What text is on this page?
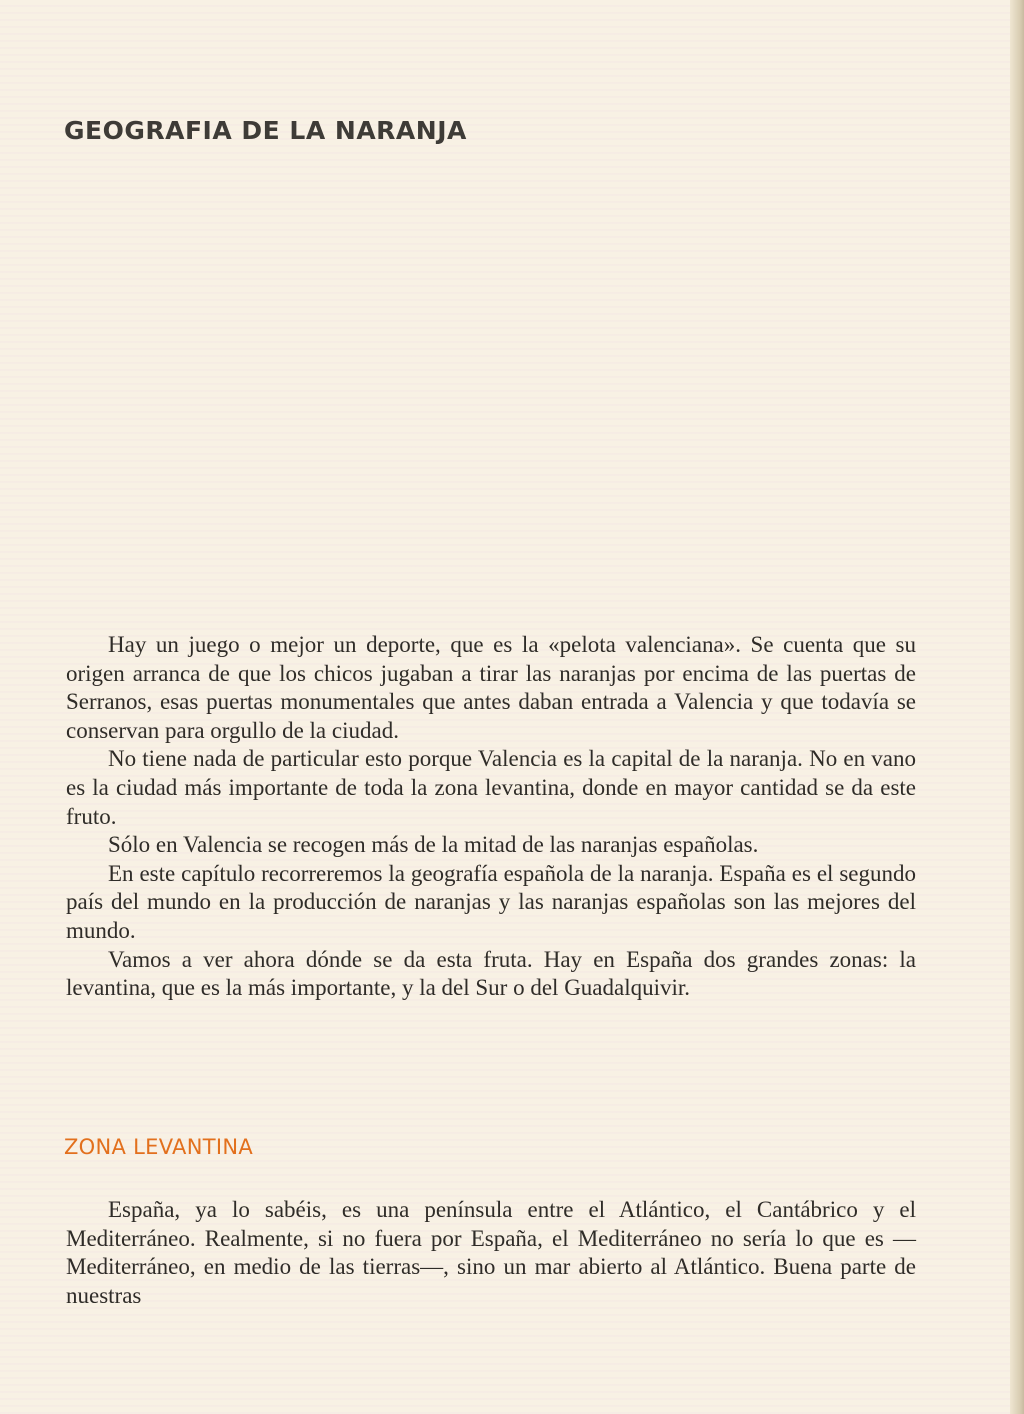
GEOGRAFIA DE LA NARANJA

Hay un juego o mejor un deporte, que es la «pelota valenciana». Se cuenta que su origen arranca de que los chicos jugaban a tirar las naranjas por encima de las puertas de Serranos, esas puertas monumentales que antes daban entrada a Valencia y que todavía se conservan para orgullo de la ciudad.

No tiene nada de particular esto porque Valencia es la capital de la naranja. No en vano es la ciudad más importante de toda la zona levantina, donde en mayor cantidad se da este fruto.

Sólo en Valencia se recogen más de la mitad de las naranjas españolas.

En este capítulo recorreremos la geografía española de la naranja. España es el segundo país del mundo en la producción de naranjas y las naranjas españolas son las mejores del mundo.

Vamos a ver ahora dónde se da esta fruta. Hay en España dos grandes zonas: la levantina, que es la más importante, y la del Sur o del Guadalquivir.

ZONA LEVANTINA

España, ya lo sabéis, es una península entre el Atlántico, el Cantábrico y el Mediterráneo. Realmente, si no fuera por España, el Mediterráneo no sería lo que es —Mediterráneo, en medio de las tierras—, sino un mar abierto al Atlántico. Buena parte de nuestras
